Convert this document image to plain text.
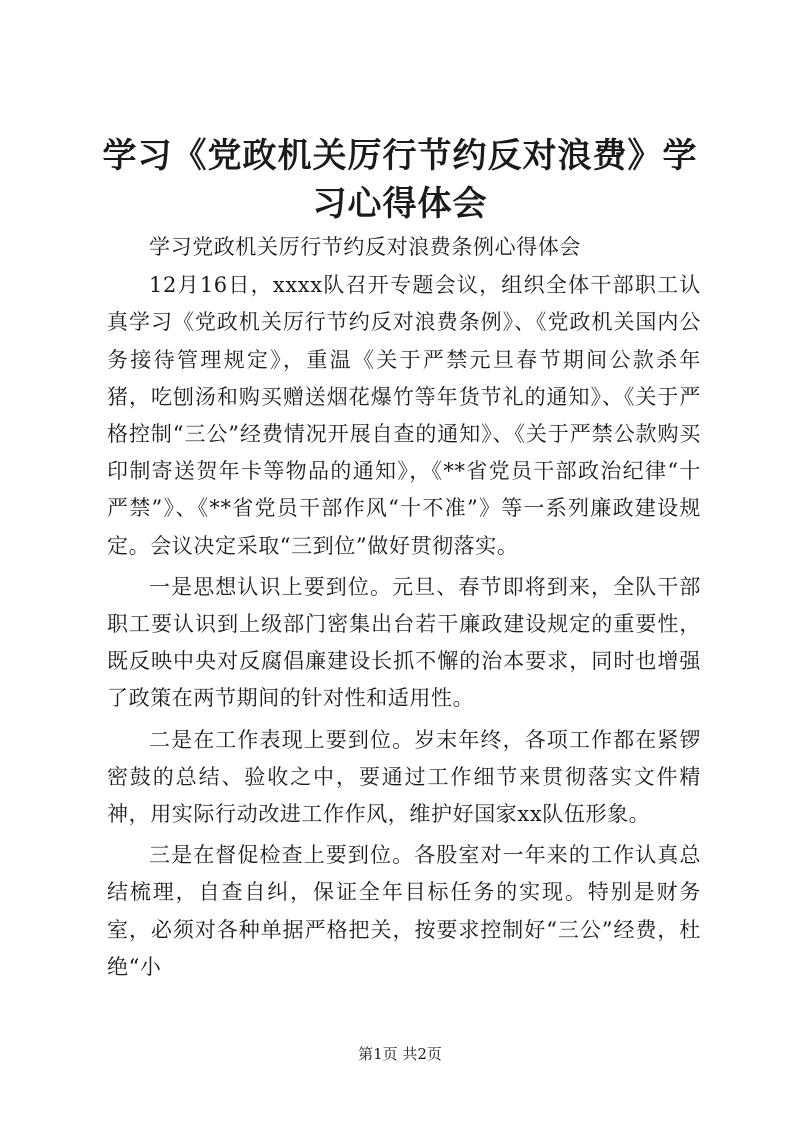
学习《党政机关厉行节约反对浪费》学习心得体会

学习党政机关厉行节约反对浪费条例心得体会

12月16日，xxxx队召开专题会议，组织全体干部职工认真学习《党政机关厉行节约反对浪费条例》、《党政机关国内公务接待管理规定》，重温《关于严禁元旦春节期间公款杀年猪，吃刨汤和购买赠送烟花爆竹等年货节礼的通知》、《关于严格控制“三公”经费情况开展自查的通知》、《关于严禁公款购买印制寄送贺年卡等物品的通知》，《**省党员干部政治纪律“十严禁”》、《**省党员干部作风“十不准”》等一系列廉政建设规定。会议决定采取“三到位”做好贯彻落实。

一是思想认识上要到位。元旦、春节即将到来，全队干部职工要认识到上级部门密集出台若干廉政建设规定的重要性，既反映中央对反腐倡廉建设长抓不懈的治本要求，同时也增强了政策在两节期间的针对性和适用性。

二是在工作表现上要到位。岁末年终，各项工作都在紧锣密鼓的总结、验收之中，要通过工作细节来贯彻落实文件精神，用实际行动改进工作作风，维护好国家xx队伍形象。

三是在督促检查上要到位。各股室对一年来的工作认真总结梳理，自查自纠，保证全年目标任务的实现。特别是财务室，必须对各种单据严格把关，按要求控制好“三公”经费，杜绝“小

第1页 共2页
